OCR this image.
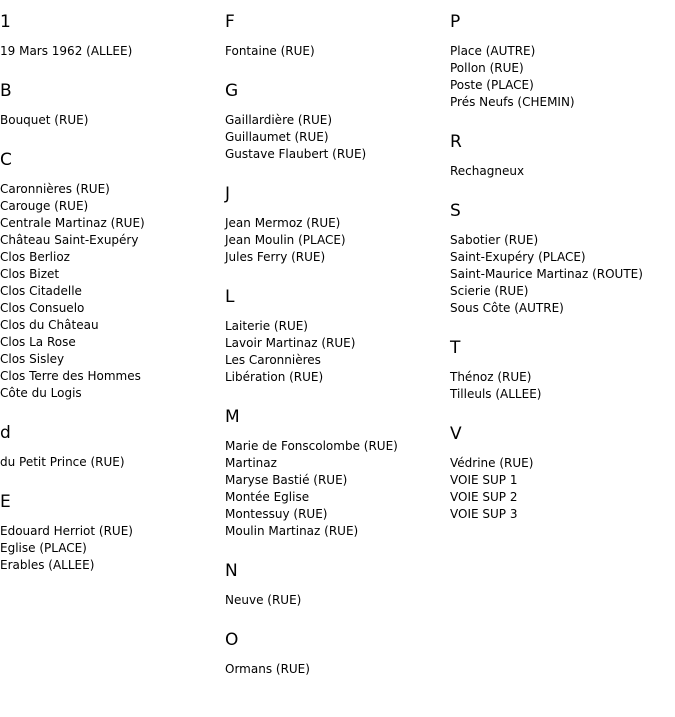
1
19 Mars 1962 (ALLEE)
B
Bouquet (RUE)
C
Caronnières (RUE)
Carouge (RUE)
Centrale Martinaz (RUE)
Château Saint-Exupéry
Clos Berlioz
Clos Bizet
Clos Citadelle
Clos Consuelo
Clos du Château
Clos La Rose
Clos Sisley
Clos Terre des Hommes
Côte du Logis
d
du Petit Prince (RUE)
E
Edouard Herriot (RUE)
Eglise (PLACE)
Erables (ALLEE)
F
Fontaine (RUE)
G
Gaillardière (RUE)
Guillaumet (RUE)
Gustave Flaubert (RUE)
J
Jean Mermoz (RUE)
Jean Moulin (PLACE)
Jules Ferry (RUE)
L
Laiterie (RUE)
Lavoir Martinaz (RUE)
Les Caronnières
Libération (RUE)
M
Marie de Fonscolombe (RUE)
Martinaz
Maryse Bastié (RUE)
Montée Eglise
Montessuy (RUE)
Moulin Martinaz (RUE)
N
Neuve (RUE)
O
Ormans (RUE)
P
Place (AUTRE)
Pollon (RUE)
Poste (PLACE)
Prés Neufs (CHEMIN)
R
Rechagneux
S
Sabotier (RUE)
Saint-Exupéry (PLACE)
Saint-Maurice Martinaz (ROUTE)
Scierie (RUE)
Sous Côte (AUTRE)
T
Thénoz (RUE)
Tilleuls (ALLEE)
V
Védrine (RUE)
VOIE SUP 1
VOIE SUP 2
VOIE SUP 3
